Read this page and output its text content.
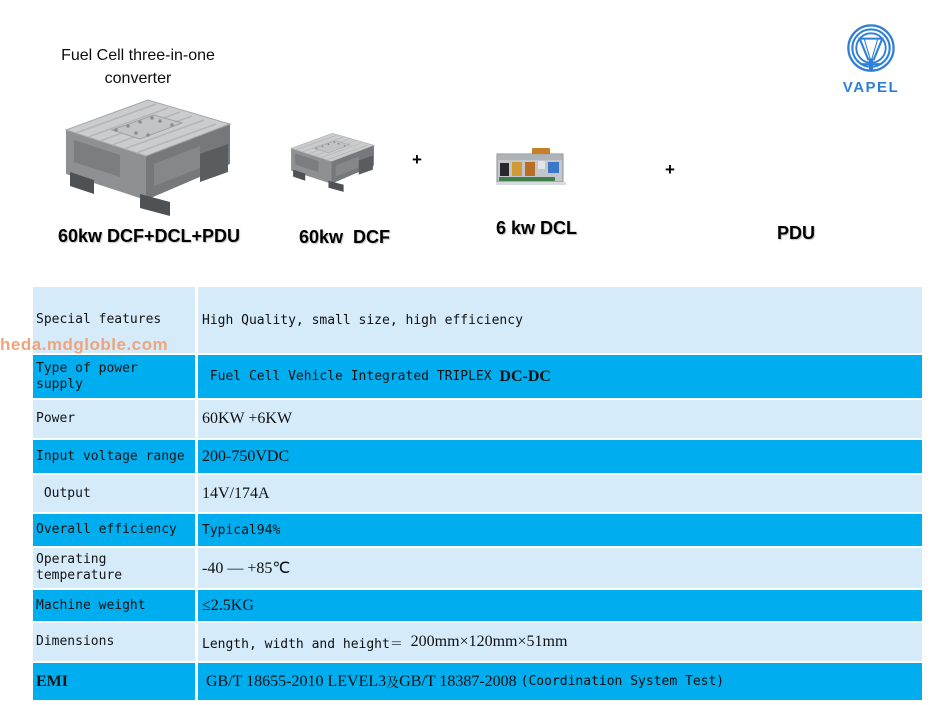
Fuel Cell three-in-one
converter
+
+
60kw DCF+DCL+PDU	60kw  DCF	6 kw DCL	PDU
VAPEL
heda.mdgloble.com
Special features	High Quality, small size, high efficiency
Type of power supply	Fuel Cell Vehicle Integrated TRIPLEX DC-DC
Power	60KW +6KW
Input voltage range	200-750VDC
Output	14V/174A
Overall efficiency	Typical94%
Operating temperature	-40 — +85℃
Machine weight	≤2.5KG
Dimensions	Length, width and height＝ 200mm×120mm×51mm
EMI	GB/T 18655-2010 LEVEL3 及 GB/T 18387-2008 (Coordination System Test)
